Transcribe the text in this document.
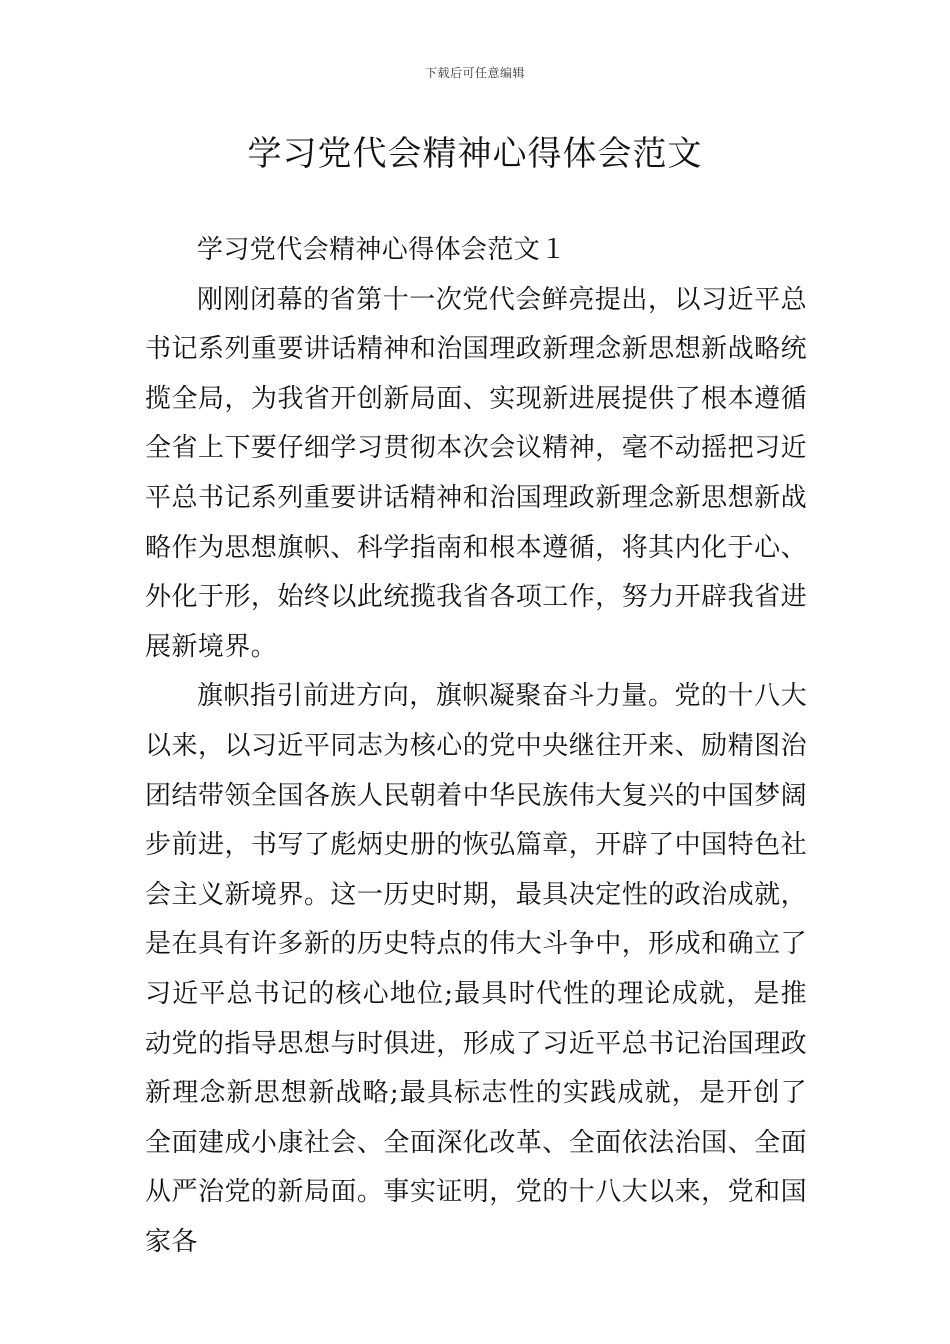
下载后可任意编辑
学习党代会精神心得体会范文

学习党代会精神心得体会范文１

刚刚闭幕的省第十一次党代会鲜亮提出，以习近平总书记系列重要讲话精神和治国理政新理念新思想新战略统揽全局，为我省开创新局面、实现新进展提供了根本遵循全省上下要仔细学习贯彻本次会议精神，毫不动摇把习近平总书记系列重要讲话精神和治国理政新理念新思想新战略作为思想旗帜、科学指南和根本遵循，将其内化于心、外化于形，始终以此统揽我省各项工作，努力开辟我省进展新境界。

旗帜指引前进方向，旗帜凝聚奋斗力量。党的十八大以来，以习近平同志为核心的党中央继往开来、励精图治团结带领全国各族人民朝着中华民族伟大复兴的中国梦阔步前进，书写了彪炳史册的恢弘篇章，开辟了中国特色社会主义新境界。这一历史时期，最具决定性的政治成就，是在具有许多新的历史特点的伟大斗争中，形成和确立了习近平总书记的核心地位;最具时代性的理论成就，是推动党的指导思想与时俱进，形成了习近平总书记治国理政新理念新思想新战略;最具标志性的实践成就，是开创了全面建成小康社会、全面深化改革、全面依法治国、全面从严治党的新局面。事实证明，党的十八大以来，党和国家各
